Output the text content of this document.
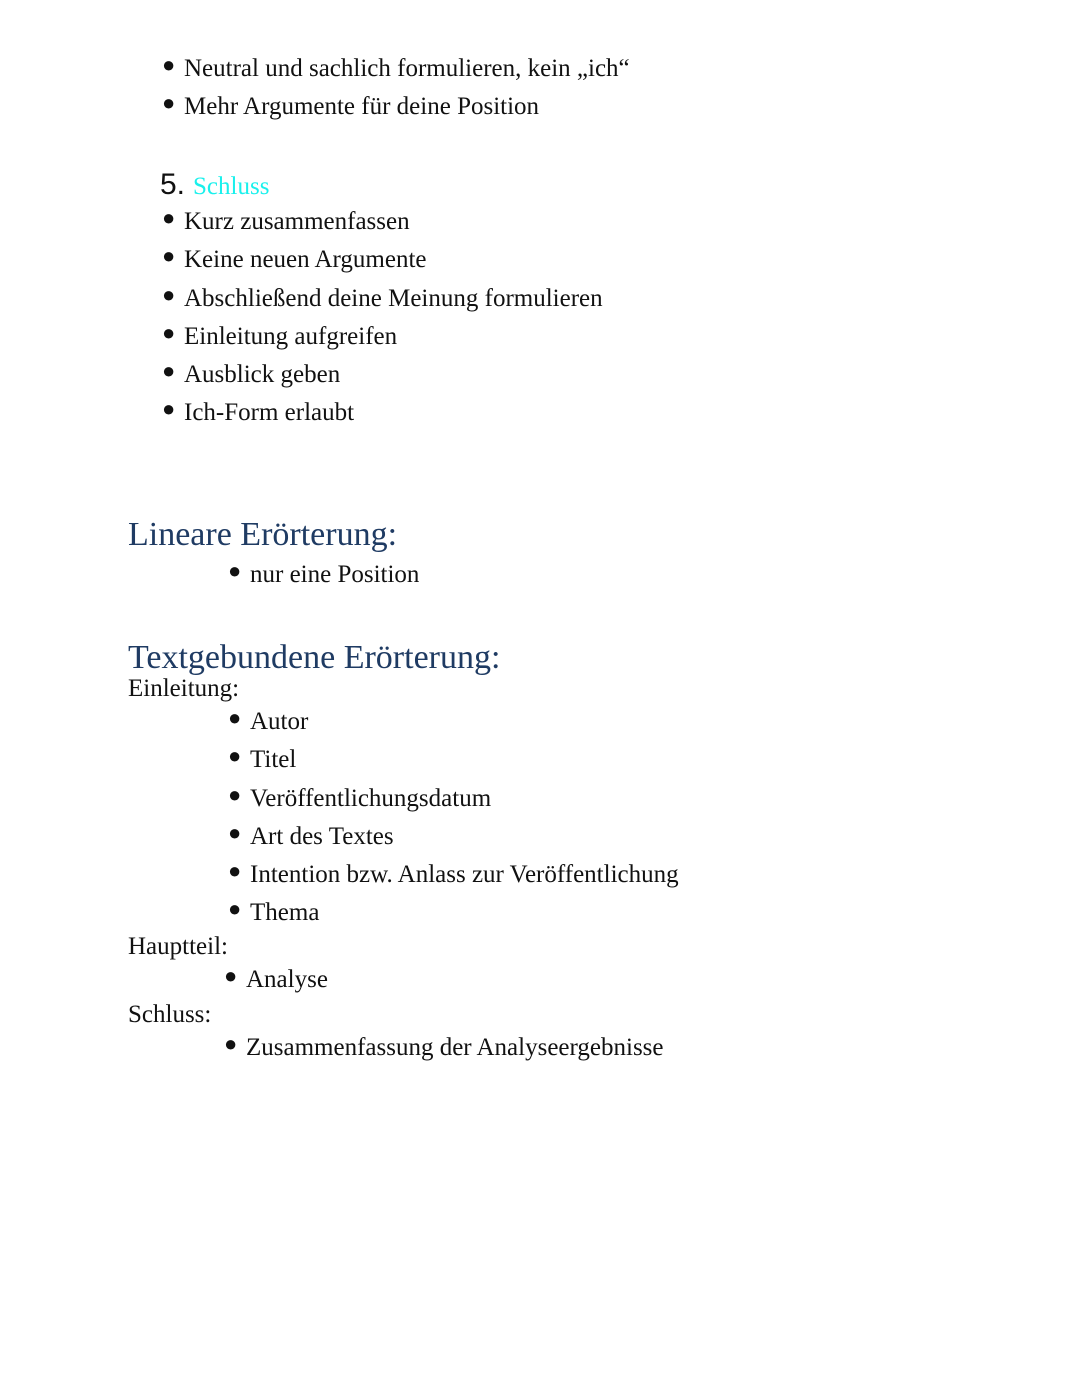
● Neutral und sachlich formulieren, kein „ich“
● Mehr Argumente für deine Position
5. Schluss
● Kurz zusammenfassen
● Keine neuen Argumente
● Abschließend deine Meinung formulieren
● Einleitung aufgreifen
● Ausblick geben
● Ich-Form erlaubt
Lineare Erörterung:
● nur eine Position
Textgebundene Erörterung:
Einleitung:
● Autor
● Titel
● Veröffentlichungsdatum
● Art des Textes
● Intention bzw. Anlass zur Veröffentlichung
● Thema
Hauptteil:
● Analyse
Schluss:
● Zusammenfassung der Analyseergebnisse
